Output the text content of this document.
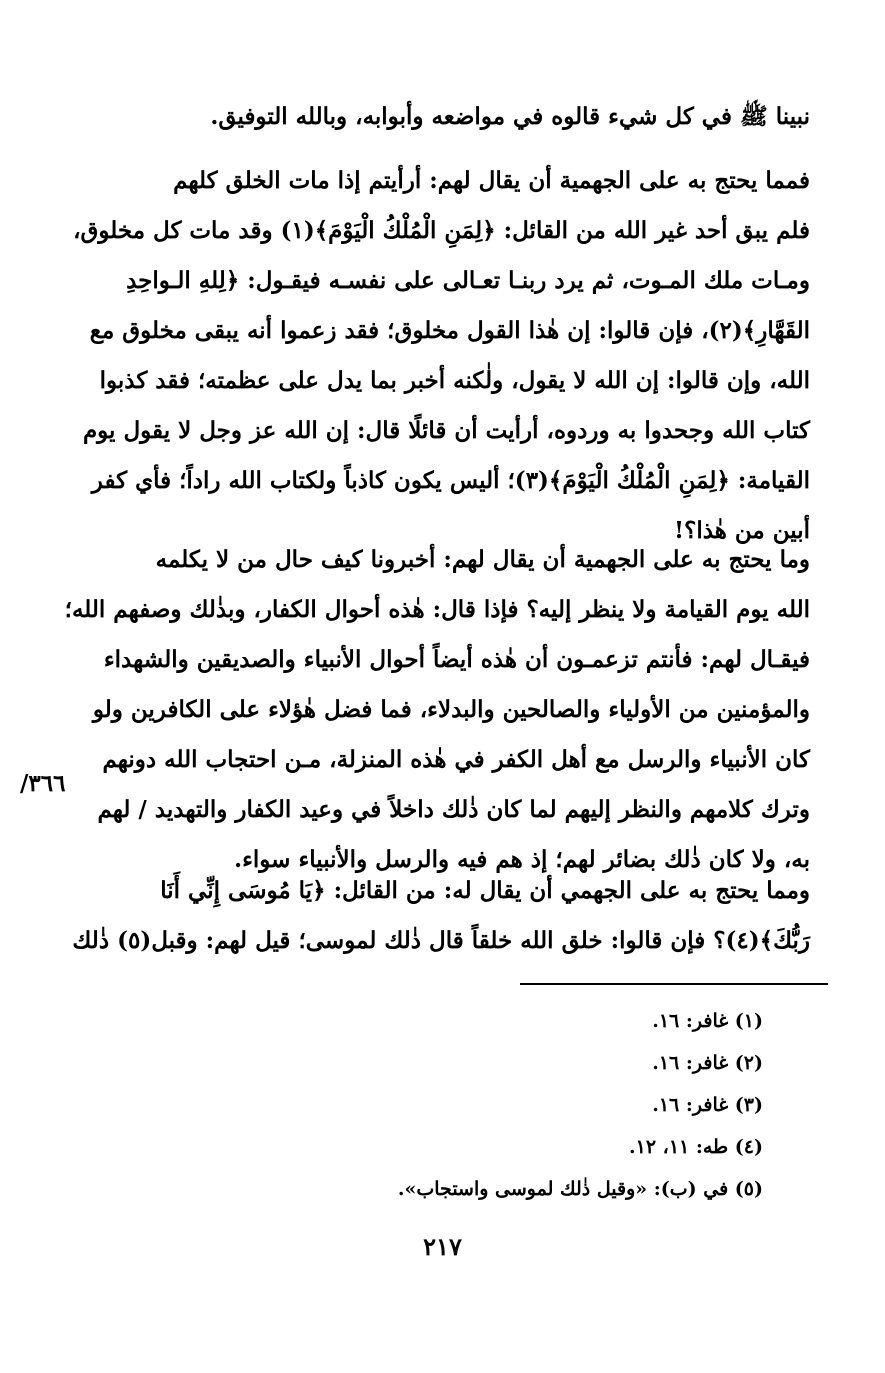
نبينا ﷺ في كل شيء قالوه في مواضعه وأبوابه، وبالله التوفيق.
فمما يحتج به على الجهمية أن يقال لهم: أرأيتم إذا مات الخلق كلهم
فلم يبق أحد غير الله من القائل: ﴿لِمَنِ الْمُلْكُ الْيَوْمَ﴾(١) وقد مات كل مخلوق،
ومـات ملك المـوت، ثم يرد ربنـا تعـالى على نفسـه فيقـول: ﴿لِلهِ الـواحِدِ
القَهَّارِ﴾(٢)، فإن قالوا: إن هٰذا القول مخلوق؛ فقد زعموا أنه يبقى مخلوق مع
الله، وإن قالوا: إن الله لا يقول، ولٰكنه أخبر بما يدل على عظمته؛ فقد كذبوا
كتاب الله وجحدوا به وردوه، أرأيت أن قائلًا قال: إن الله عز وجل لا يقول يوم
القيامة: ﴿لِمَنِ الْمُلْكُ الْيَوْمَ﴾(٣)؛ أليس يكون كاذباً ولكتاب الله راداً؛ فأي كفر
أبين من هٰذا؟!
وما يحتج به على الجهمية أن يقال لهم: أخبرونا كيف حال من لا يكلمه
الله يوم القيامة ولا ينظر إليه؟ فإذا قال: هٰذه أحوال الكفار، وبذٰلك وصفهم الله؛
فيقـال لهم: فأنتم تزعمـون أن هٰذه أيضاً أحوال الأنبياء والصديقين والشهداء
والمؤمنين من الأولياء والصالحين والبدلاء، فما فضل هٰؤلاء على الكافرين ولو
كان الأنبياء والرسل مع أهل الكفر في هٰذه المنزلة، مـن احتجاب الله دونهم
وترك كلامهم والنظر إليهم لما كان ذٰلك داخلاً في وعيد الكفار والتهديد / لهم
به، ولا كان ذٰلك بضائر لهم؛ إذ هم فيه والرسل والأنبياء سواء.
ومما يحتج به على الجهمي أن يقال له: من القائل: ﴿يَا مُوسَى إِنِّي أَنَا
رَبُّكَ﴾(٤)؟ فإن قالوا: خلق الله خلقاً قال ذٰلك لموسى؛ قيل لهم: وقبل(٥) ذٰلك
/٣٦٦
(١) غافر: ١٦.
(٢) غافر: ١٦.
(٣) غافر: ١٦.
(٤) طه: ١١، ١٢.
(٥) في (ب): «وقيل ذٰلك لموسى واستجاب».
٢١٧
